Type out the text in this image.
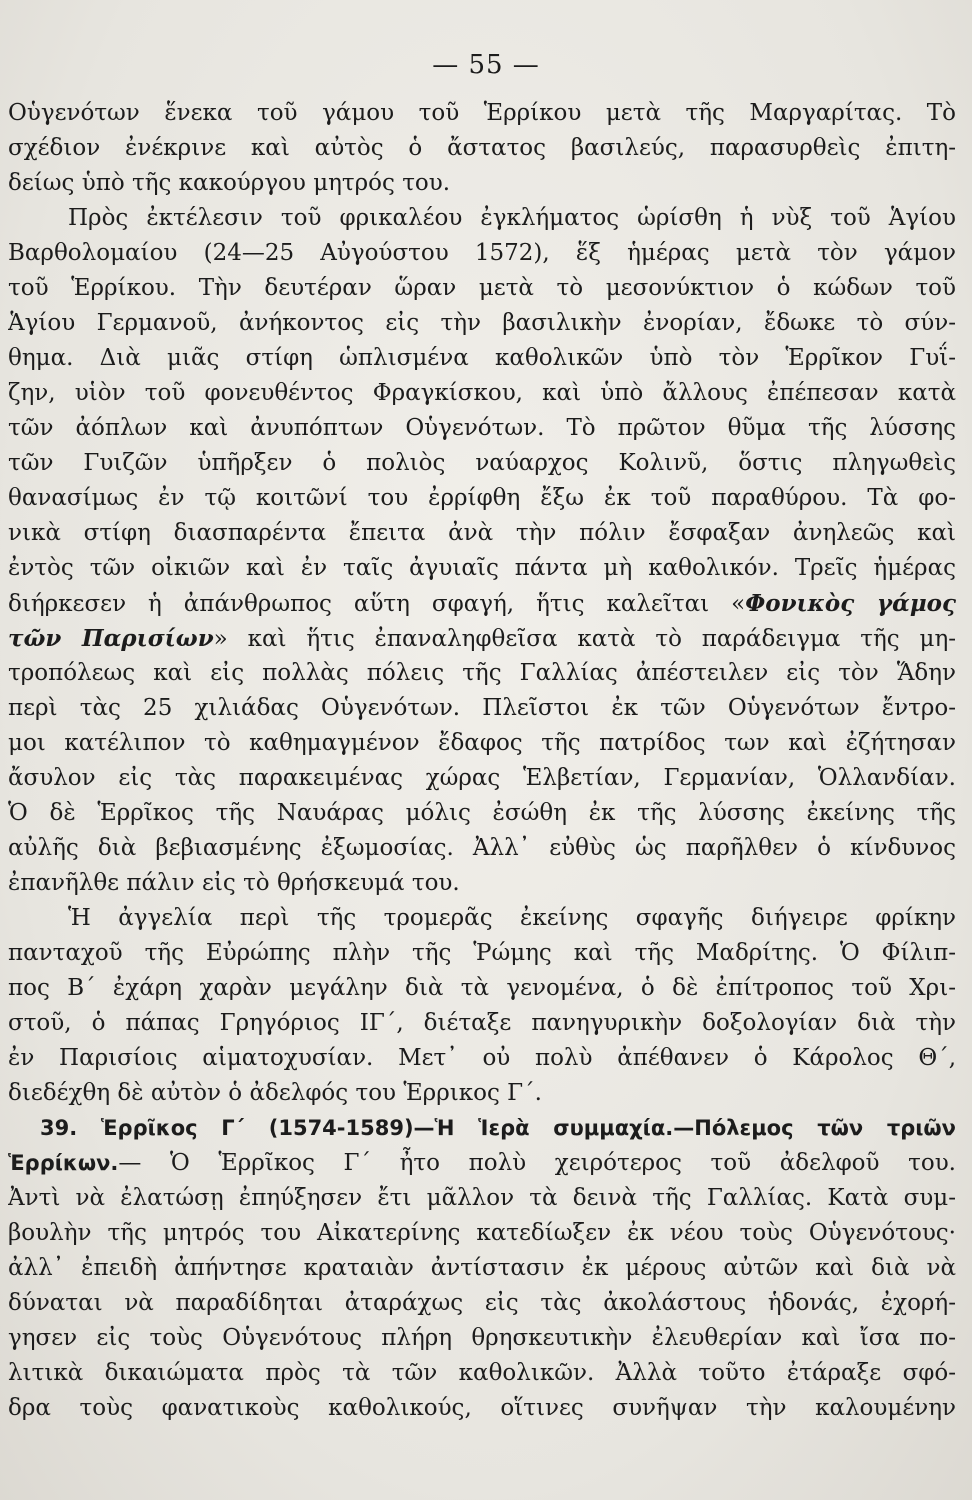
— 55 —
Οὑγενότων ἕνεκα τοῦ γάμου τοῦ Ἑρρίκου μετὰ τῆς Μαργαρίτας. Τὸ
σχέδιον ἐνέκρινε καὶ αὐτὸς ὁ ἄστατος βασιλεύς, παρασυρθεὶς ἐπιτη-
δείως ὑπὸ τῆς κακούργου μητρός του.
Πρὸς ἐκτέλεσιν τοῦ φρικαλέου ἐγκλήματος ὡρίσθη ἡ νὺξ τοῦ Ἁγίου
Βαρθολομαίου (24—25 Αὐγούστου 1572), ἕξ ἡμέρας μετὰ τὸν γάμον
τοῦ Ἑρρίκου. Τὴν δευτέραν ὥραν μετὰ τὸ μεσονύκτιον ὁ κώδων τοῦ
Ἁγίου Γερμανοῦ, ἀνήκοντος εἰς τὴν βασιλικὴν ἐνορίαν, ἔδωκε τὸ σύν-
θημα. Διὰ μιᾶς στίφη ὡπλισμένα καθολικῶν ὑπὸ τὸν Ἑρρῖκον Γυΐ-
ζην, υἱὸν τοῦ φονευθέντος Φραγκίσκου, καὶ ὑπὸ ἄλλους ἐπέπεσαν κατὰ
τῶν ἀόπλων καὶ ἀνυπόπτων Οὑγενότων. Τὸ πρῶτον θῦμα τῆς λύσσης
τῶν Γυιζῶν ὑπῆρξεν ὁ πολιὸς ναύαρχος Κολινῦ, ὅστις πληγωθεὶς
θανασίμως ἐν τῷ κοιτῶνί του ἐρρίφθη ἔξω ἐκ τοῦ παραθύρου. Τὰ φο-
νικὰ στίφη διασπαρέντα ἔπειτα ἀνὰ τὴν πόλιν ἔσφαξαν ἀνηλεῶς καὶ
ἐντὸς τῶν οἰκιῶν καὶ ἐν ταῖς ἀγυιαῖς πάντα μὴ καθολικόν. Τρεῖς ἡμέρας
διήρκεσεν ἡ ἀπάνθρωπος αὕτη σφαγή, ἥτις καλεῖται «Φονικὸς γάμος
τῶν Παρισίων» καὶ ἥτις ἐπαναληφθεῖσα κατὰ τὸ παράδειγμα τῆς μη-
τροπόλεως καὶ εἰς πολλὰς πόλεις τῆς Γαλλίας ἀπέστειλεν εἰς τὸν Ἅδην
περὶ τὰς 25 χιλιάδας Οὑγενότων. Πλεῖστοι ἐκ τῶν Οὑγενότων ἔντρο-
μοι κατέλιπον τὸ καθημαγμένον ἔδαφος τῆς πατρίδος των καὶ ἐζήτησαν
ἄσυλον εἰς τὰς παρακειμένας χώρας Ἑλβετίαν, Γερμανίαν, Ὁλλανδίαν.
Ὁ δὲ Ἑρρῖκος τῆς Ναυάρας μόλις ἐσώθη ἐκ τῆς λύσσης ἐκείνης τῆς
αὐλῆς διὰ βεβιασμένης ἐξωμοσίας. Ἀλλ᾽ εὐθὺς ὡς παρῆλθεν ὁ κίνδυνος
ἐπανῆλθε πάλιν εἰς τὸ θρήσκευμά του.
Ἡ ἀγγελία περὶ τῆς τρομερᾶς ἐκείνης σφαγῆς διήγειρε φρίκην
πανταχοῦ τῆς Εὐρώπης πλὴν τῆς Ῥώμης καὶ τῆς Μαδρίτης. Ὁ Φίλιπ-
πος Β´ ἐχάρη χαρὰν μεγάλην διὰ τὰ γενομένα, ὁ δὲ ἐπίτροπος τοῦ Χρι-
στοῦ, ὁ πάπας Γρηγόριος ΙΓ´, διέταξε πανηγυρικὴν δοξολογίαν διὰ τὴν
ἐν Παρισίοις αἱματοχυσίαν. Μετ᾽ οὐ πολὺ ἀπέθανεν ὁ Κάρολος Θ´,
διεδέχθη δὲ αὐτὸν ὁ ἀδελφός του Ἑρρικος Γ´.
39. Ἑρρῖκος Γ´ (1574-1589)—Ἡ Ἱερὰ συμμαχία.—Πόλεμος τῶν τριῶν
Ἑρρίκων.— Ὁ Ἑρρῖκος Γ´ ἦτο πολὺ χειρότερος τοῦ ἀδελφοῦ του.
Ἀντὶ νὰ ἐλατώσῃ ἐπηύξησεν ἔτι μᾶλλον τὰ δεινὰ τῆς Γαλλίας. Κατὰ συμ-
βουλὴν τῆς μητρός του Αἰκατερίνης κατεδίωξεν ἐκ νέου τοὺς Οὑγενότους·
ἀλλ᾽ ἐπειδὴ ἀπήντησε κραταιὰν ἀντίστασιν ἐκ μέρους αὐτῶν καὶ διὰ νὰ
δύναται νὰ παραδίδηται ἀταράχως εἰς τὰς ἀκολάστους ἡδονάς, ἐχορή-
γησεν εἰς τοὺς Οὑγενότους πλήρη θρησκευτικὴν ἐλευθερίαν καὶ ἴσα πο-
λιτικὰ δικαιώματα πρὸς τὰ τῶν καθολικῶν. Ἀλλὰ τοῦτο ἐτάραξε σφό-
δρα τοὺς φανατικοὺς καθολικούς, οἵτινες συνῆψαν τὴν καλουμένην
